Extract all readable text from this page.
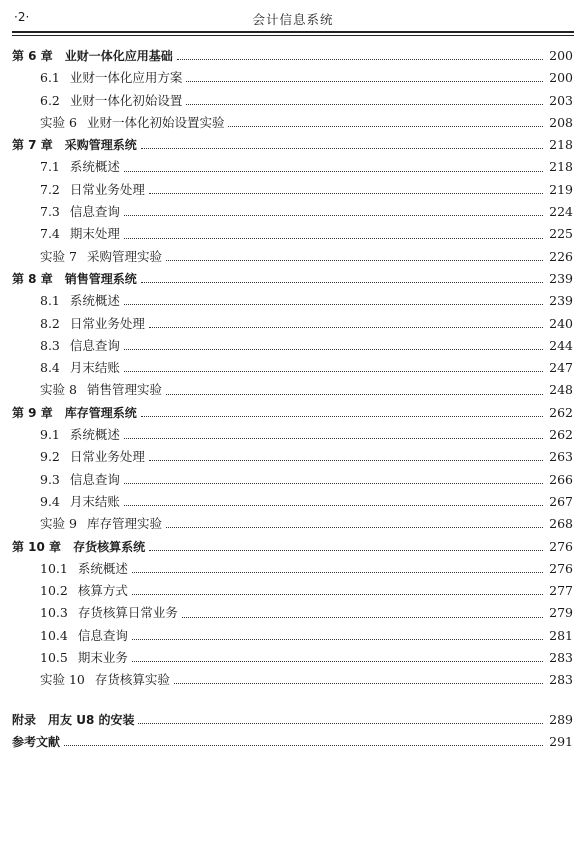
·2·	会计信息系统
第 6 章 业财一体化应用基础	200
6.1 业财一体化应用方案	200
6.2 业财一体化初始设置	203
实验 6 业财一体化初始设置实验	208
第 7 章 采购管理系统	218
7.1 系统概述	218
7.2 日常业务处理	219
7.3 信息查询	224
7.4 期末处理	225
实验 7 采购管理实验	226
第 8 章 销售管理系统	239
8.1 系统概述	239
8.2 日常业务处理	240
8.3 信息查询	244
8.4 月末结账	247
实验 8 销售管理实验	248
第 9 章 库存管理系统	262
9.1 系统概述	262
9.2 日常业务处理	263
9.3 信息查询	266
9.4 月末结账	267
实验 9 库存管理实验	268
第 10 章 存货核算系统	276
10.1 系统概述	276
10.2 核算方式	277
10.3 存货核算日常业务	279
10.4 信息查询	281
10.5 期末业务	283
实验 10 存货核算实验	283
附录 用友 U8 的安装	289
参考文献	291
